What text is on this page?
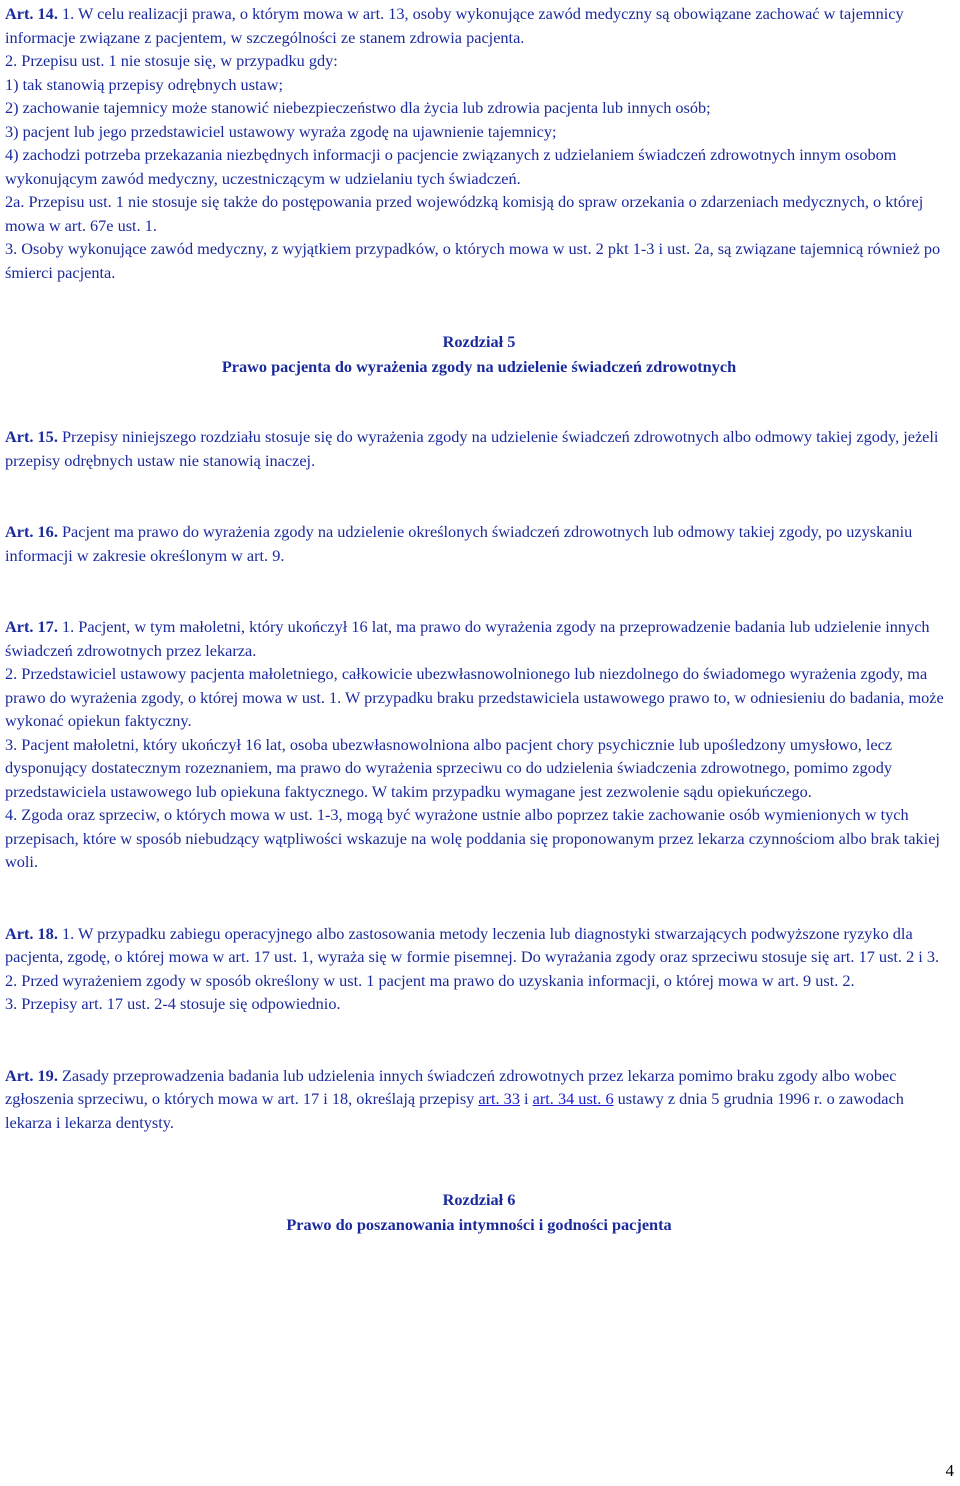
Art. 14. 1. W celu realizacji prawa, o którym mowa w art. 13, osoby wykonujące zawód medyczny są obowiązane zachować w tajemnicy informacje związane z pacjentem, w szczególności ze stanem zdrowia pacjenta.

2. Przepisu ust. 1 nie stosuje się, w przypadku gdy:

1) tak stanowią przepisy odrębnych ustaw;

2) zachowanie tajemnicy może stanowić niebezpieczeństwo dla życia lub zdrowia pacjenta lub innych osób;

3) pacjent lub jego przedstawiciel ustawowy wyraża zgodę na ujawnienie tajemnicy;

4) zachodzi potrzeba przekazania niezbędnych informacji o pacjencie związanych z udzielaniem świadczeń zdrowotnych innym osobom wykonującym zawód medyczny, uczestniczącym w udzielaniu tych świadczeń.

2a. Przepisu ust. 1 nie stosuje się także do postępowania przed wojewódzką komisją do spraw orzekania o zdarzeniach medycznych, o której mowa w art. 67e ust. 1.

3. Osoby wykonujące zawód medyczny, z wyjątkiem przypadków, o których mowa w ust. 2 pkt 1-3 i ust. 2a, są związane tajemnicą również po śmierci pacjenta.

Rozdział 5

Prawo pacjenta do wyrażenia zgody na udzielenie świadczeń zdrowotnych

Art. 15. Przepisy niniejszego rozdziału stosuje się do wyrażenia zgody na udzielenie świadczeń zdrowotnych albo odmowy takiej zgody, jeżeli przepisy odrębnych ustaw nie stanowią inaczej.

Art. 16. Pacjent ma prawo do wyrażenia zgody na udzielenie określonych świadczeń zdrowotnych lub odmowy takiej zgody, po uzyskaniu informacji w zakresie określonym w art. 9.

Art. 17. 1. Pacjent, w tym małoletni, który ukończył 16 lat, ma prawo do wyrażenia zgody na przeprowadzenie badania lub udzielenie innych świadczeń zdrowotnych przez lekarza.

2. Przedstawiciel ustawowy pacjenta małoletniego, całkowicie ubezwłasnowolnionego lub niezdolnego do świadomego wyrażenia zgody, ma prawo do wyrażenia zgody, o której mowa w ust. 1. W przypadku braku przedstawiciela ustawowego prawo to, w odniesieniu do badania, może wykonać opiekun faktyczny.

3. Pacjent małoletni, który ukończył 16 lat, osoba ubezwłasnowolniona albo pacjent chory psychicznie lub upośledzony umysłowo, lecz dysponujący dostatecznym rozeznaniem, ma prawo do wyrażenia sprzeciwu co do udzielenia świadczenia zdrowotnego, pomimo zgody przedstawiciela ustawowego lub opiekuna faktycznego. W takim przypadku wymagane jest zezwolenie sądu opiekuńczego.

4. Zgoda oraz sprzeciw, o których mowa w ust. 1-3, mogą być wyrażone ustnie albo poprzez takie zachowanie osób wymienionych w tych przepisach, które w sposób niebudzący wątpliwości wskazuje na wolę poddania się proponowanym przez lekarza czynnościom albo brak takiej woli.

Art. 18. 1. W przypadku zabiegu operacyjnego albo zastosowania metody leczenia lub diagnostyki stwarzających podwyższone ryzyko dla pacjenta, zgodę, o której mowa w art. 17 ust. 1, wyraża się w formie pisemnej. Do wyrażania zgody oraz sprzeciwu stosuje się art. 17 ust. 2 i 3.

2. Przed wyrażeniem zgody w sposób określony w ust. 1 pacjent ma prawo do uzyskania informacji, o której mowa w art. 9 ust. 2.

3. Przepisy art. 17 ust. 2-4 stosuje się odpowiednio.

Art. 19. Zasady przeprowadzenia badania lub udzielenia innych świadczeń zdrowotnych przez lekarza pomimo braku zgody albo wobec zgłoszenia sprzeciwu, o których mowa w art. 17 i 18, określają przepisy art. 33 i art. 34 ust. 6 ustawy z dnia 5 grudnia 1996 r. o zawodach lekarza i lekarza dentysty.

Rozdział 6

Prawo do poszanowania intymności i godności pacjenta

4
